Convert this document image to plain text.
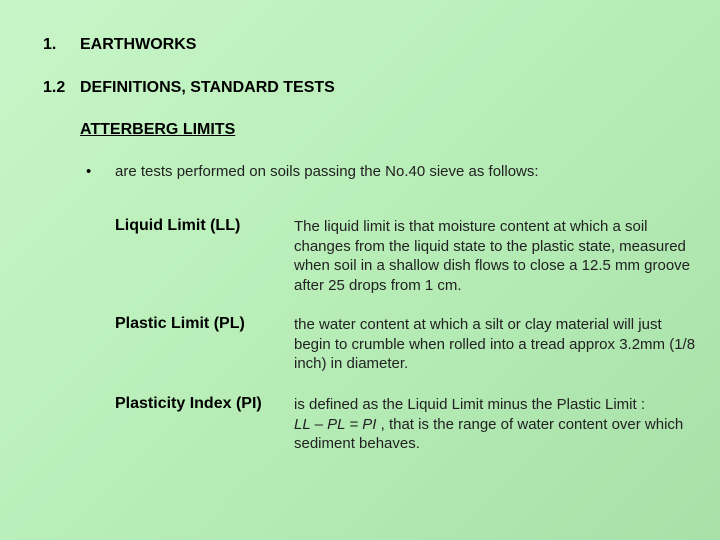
1. EARTHWORKS
1.2 DEFINITIONS, STANDARD TESTS
ATTERBERG LIMITS
• are tests performed on soils passing the No.40 sieve as follows:
Liquid Limit (LL)	The liquid limit is that moisture content at which a soil changes from the liquid state to the plastic state, measured when soil in a shallow dish flows to close a 12.5 mm groove after 25 drops from 1 cm.
Plastic Limit (PL)	the water content at which a silt or clay material will just begin to crumble when rolled into a tread approx 3.2mm (1/8 inch) in diameter.
Plasticity Index (PI) is defined as the Liquid Limit minus the Plastic Limit :
LL – PL = PI , that is the range of water content over which sediment behaves.
